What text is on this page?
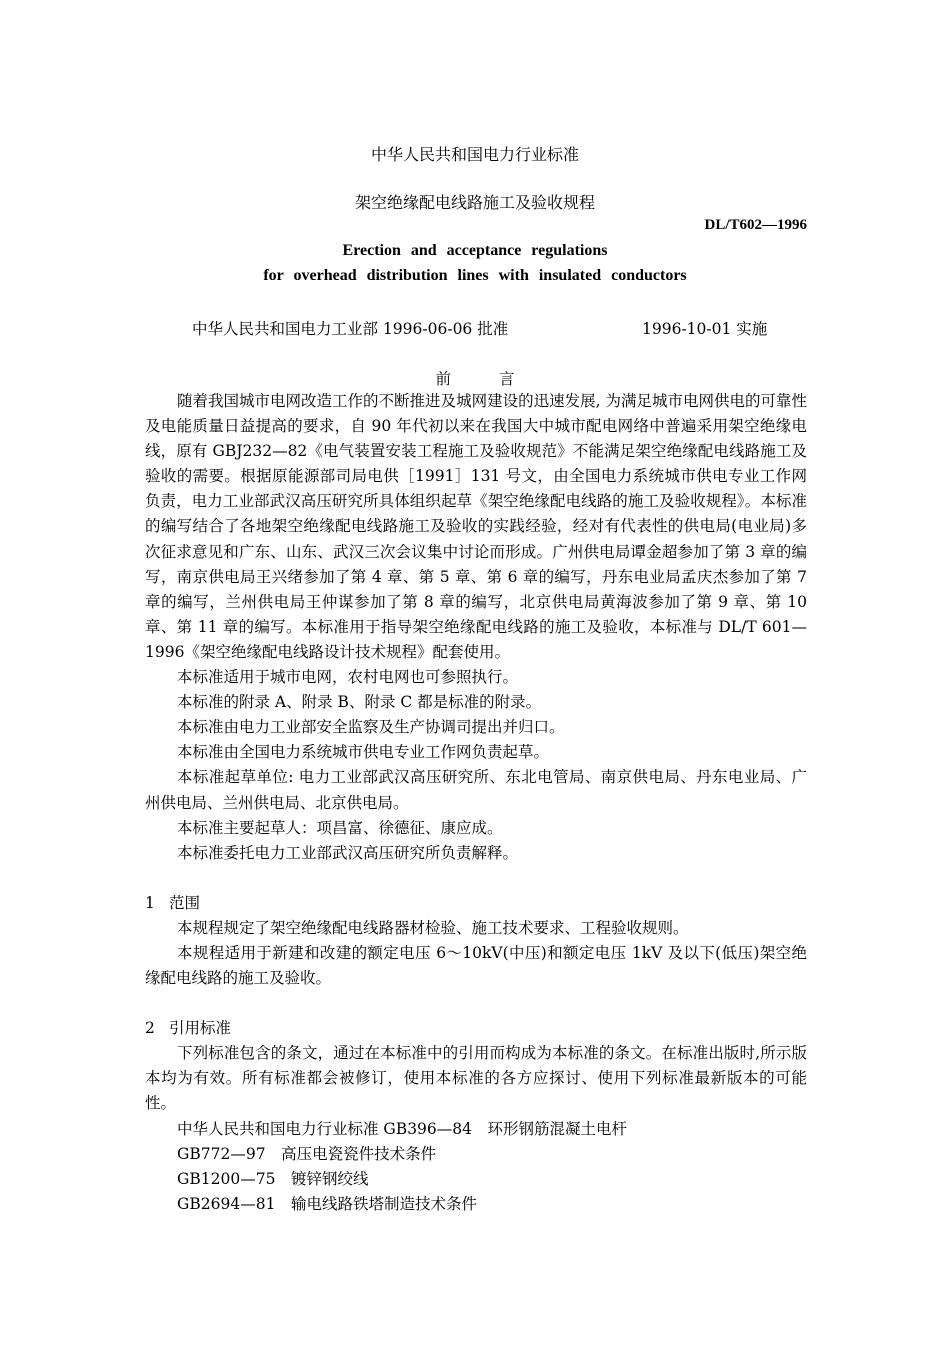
中华人民共和国电力行业标准
架空绝缘配电线路施工及验收规程
DL/T602—1996
Erection and acceptance regulations
for overhead distribution lines with insulated conductors
中华人民共和国电力工业部 1996-06-06 批准	1996-10-01 实施
前言

随着我国城市电网改造工作的不断推进及城网建设的迅速发展, 为满足城市电网供电的可靠性及电能质量日益提高的要求，自 90 年代初以来在我国大中城市配电网络中普遍采用架空绝缘电线，原有 GBJ232—82《电气装置安装工程施工及验收规范》不能满足架空绝缘配电线路施工及验收的需要。根据原能源部司局电供［1991］131 号文，由全国电力系统城市供电专业工作网负责，电力工业部武汉高压研究所具体组织起草《架空绝缘配电线路的施工及验收规程》。本标准的编写结合了各地架空绝缘配电线路施工及验收的实践经验，经对有代表性的供电局(电业局)多次征求意见和广东、山东、武汉三次会议集中讨论而形成。广州供电局谭金超参加了第 3 章的编写，南京供电局王兴绪参加了第 4 章、第 5 章、第 6 章的编写，丹东电业局孟庆杰参加了第 7 章的编写，兰州供电局王仲谋参加了第 8 章的编写，北京供电局黄海波参加了第 9 章、第 10 章、第 11 章的编写。本标准用于指导架空绝缘配电线路的施工及验收，本标准与 DL/T 601—1996《架空绝缘配电线路设计技术规程》配套使用。

本标准适用于城市电网，农村电网也可参照执行。

本标准的附录 A、附录 B、附录 C 都是标准的附录。

本标准由电力工业部安全监察及生产协调司提出并归口。

本标准由全国电力系统城市供电专业工作网负责起草。

本标准起草单位: 电力工业部武汉高压研究所、东北电管局、南京供电局、丹东电业局、广州供电局、兰州供电局、北京供电局。

本标准主要起草人：项昌富、徐德征、康应成。

本标准委托电力工业部武汉高压研究所负责解释。

1 范围

本规程规定了架空绝缘配电线路器材检验、施工技术要求、工程验收规则。

本规程适用于新建和改建的额定电压 6～10kV(中压)和额定电压 1kV 及以下(低压)架空绝缘配电线路的施工及验收。

2 引用标准

下列标准包含的条文，通过在本标准中的引用而构成为本标准的条文。在标准出版时,所示版本均为有效。所有标准都会被修订，使用本标准的各方应探讨、使用下列标准最新版本的可能性。

中华人民共和国电力行业标准 GB396—84　环形钢筋混凝土电杆

GB772—97　高压电瓷瓷件技术条件

GB1200—75　镀锌钢绞线

GB2694—81　输电线路铁塔制造技术条件
